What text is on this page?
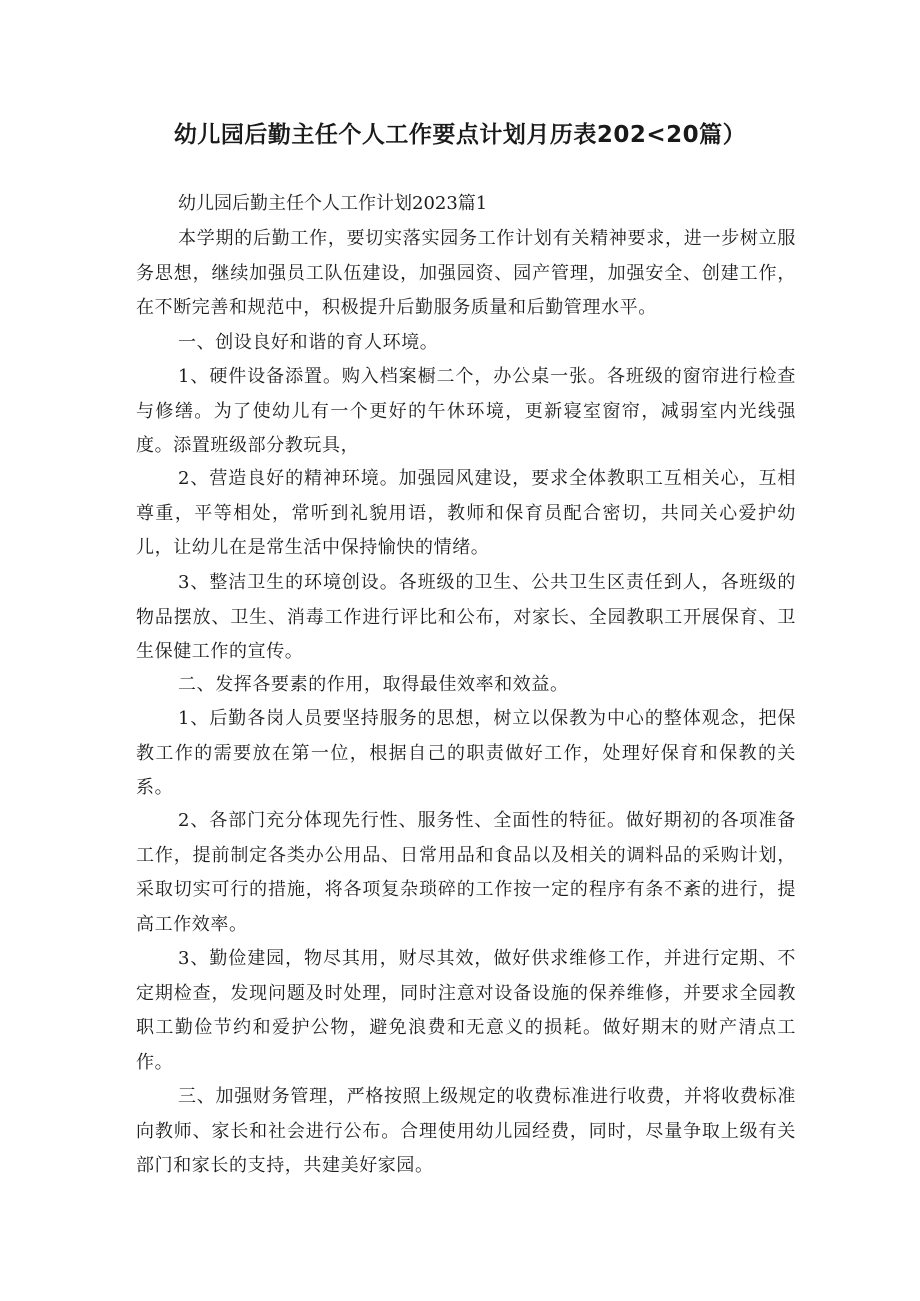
幼儿园后勤主任个人工作要点计划月历表202<20篇）

幼儿园后勤主任个人工作计划2023篇1

本学期的后勤工作，要切实落实园务工作计划有关精神要求，进一步树立服务思想，继续加强员工队伍建设，加强园资、园产管理，加强安全、创建工作，在不断完善和规范中，积极提升后勤服务质量和后勤管理水平。

一、创设良好和谐的育人环境。

1、硬件设备添置。购入档案橱二个，办公桌一张。各班级的窗帘进行检查与修缮。为了使幼儿有一个更好的午休环境，更新寝室窗帘，减弱室内光线强度。添置班级部分教玩具，

2、营造良好的精神环境。加强园风建设，要求全体教职工互相关心，互相尊重，平等相处，常听到礼貌用语，教师和保育员配合密切，共同关心爱护幼儿，让幼儿在是常生活中保持愉快的情绪。

3、整洁卫生的环境创设。各班级的卫生、公共卫生区责任到人，各班级的物品摆放、卫生、消毒工作进行评比和公布，对家长、全园教职工开展保育、卫生保健工作的宣传。

二、发挥各要素的作用，取得最佳效率和效益。

1、后勤各岗人员要坚持服务的思想，树立以保教为中心的整体观念，把保教工作的需要放在第一位，根据自己的职责做好工作，处理好保育和保教的关系。

2、各部门充分体现先行性、服务性、全面性的特征。做好期初的各项准备工作，提前制定各类办公用品、日常用品和食品以及相关的调料品的采购计划，采取切实可行的措施，将各项复杂琐碎的工作按一定的程序有条不紊的进行，提高工作效率。

3、勤俭建园，物尽其用，财尽其效，做好供求维修工作，并进行定期、不定期检查，发现问题及时处理，同时注意对设备设施的保养维修，并要求全园教职工勤俭节约和爱护公物，避免浪费和无意义的损耗。做好期末的财产清点工作。

三、加强财务管理，严格按照上级规定的收费标准进行收费，并将收费标准向教师、家长和社会进行公布。合理使用幼儿园经费，同时，尽量争取上级有关部门和家长的支持，共建美好家园。
